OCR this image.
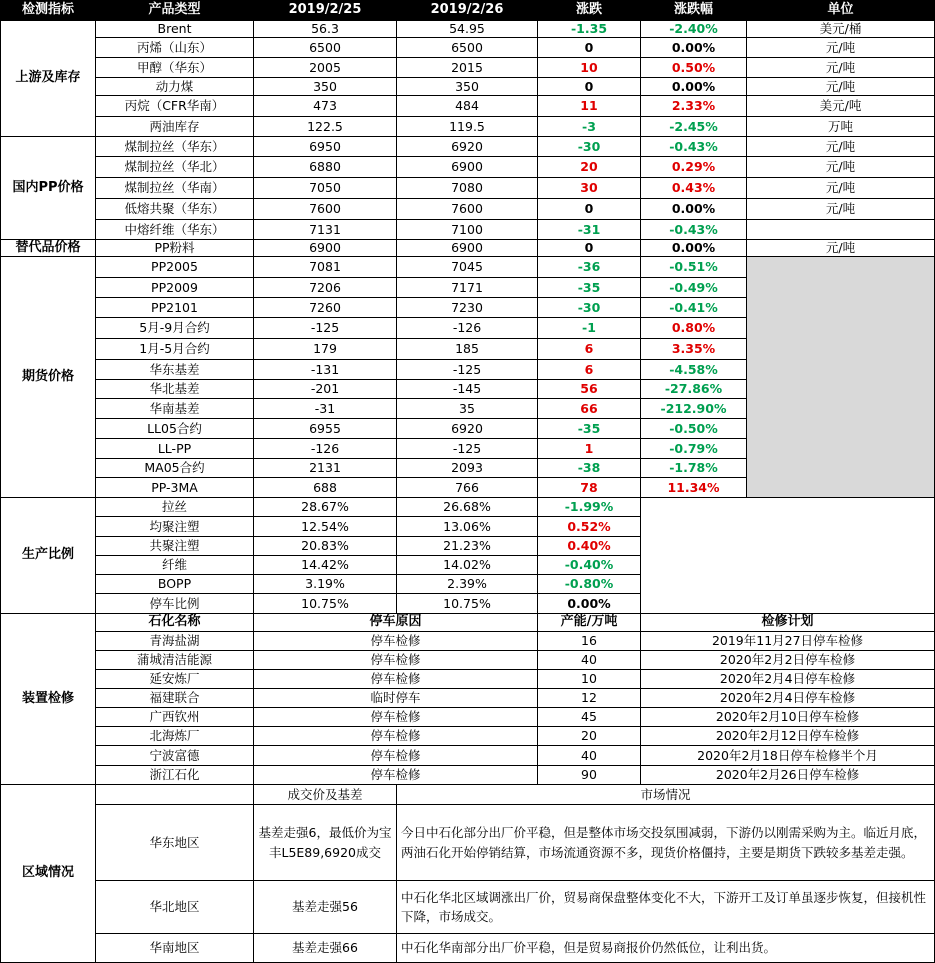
检测指标	产品类型	2019/2/25	2019/2/26	涨跌	涨跌幅	单位
上游及库存	Brent	56.3	54.95	-1.35	-2.40%	美元/桶
	丙烯（山东）	6500	6500	0	0.00%	元/吨
	甲醇（华东）	2005	2015	10	0.50%	元/吨
	动力煤	350	350	0	0.00%	元/吨
	丙烷（CFR华南）	473	484	11	2.33%	美元/吨
	两油库存	122.5	119.5	-3	-2.45%	万吨
国内PP价格	煤制拉丝（华东）	6950	6920	-30	-0.43%	元/吨
	煤制拉丝（华北）	6880	6900	20	0.29%	元/吨
	煤制拉丝（华南）	7050	7080	30	0.43%	元/吨
	低熔共聚（华东）	7600	7600	0	0.00%	元/吨
	中熔纤维（华东）	7131	7100	-31	-0.43%	
替代品价格	PP粉料	6900	6900	0	0.00%	元/吨
期货价格	PP2005	7081	7045	-36	-0.51%	
	PP2009	7206	7171	-35	-0.49%	
	PP2101	7260	7230	-30	-0.41%	
	5月-9月合约	-125	-126	-1	0.80%	
	1月-5月合约	179	185	6	3.35%	
	华东基差	-131	-125	6	-4.58%	
	华北基差	-201	-145	56	-27.86%	
	华南基差	-31	35	66	-212.90%	
	LL05合约	6955	6920	-35	-0.50%	
	LL-PP	-126	-125	1	-0.79%	
	MA05合约	2131	2093	-38	-1.78%	
	PP-3MA	688	766	78	11.34%	
生产比例	拉丝	28.67%	26.68%	-1.99%		
	均聚注塑	12.54%	13.06%	0.52%		
	共聚注塑	20.83%	21.23%	0.40%		
	纤维	14.42%	14.02%	-0.40%		
	BOPP	3.19%	2.39%	-0.80%		
	停车比例	10.75%	10.75%	0.00%		
装置检修	石化名称	停车原因		产能/万吨	检修计划	
	青海盐湖	停车检修		16	2019年11月27日停车检修	
	蒲城清洁能源	停车检修		40	2020年2月2日停车检修	
	延安炼厂	停车检修		10	2020年2月4日停车检修	
	福建联合	临时停车		12	2020年2月4日停车检修	
	广西钦州	停车检修		45	2020年2月10日停车检修	
	北海炼厂	停车检修		20	2020年2月12日停车检修	
	宁波富德	停车检修		40	2020年2月18日停车检修半个月	
	浙江石化	停车检修		90	2020年2月26日停车检修	
区域情况		成交价及基差	市场情况			
	华东地区	基差走强6，最低价为宝丰L5E89,6920成交	今日中石化部分出厂价平稳，但是整体市场交投氛围减弱，下游仍以刚需采购为主。临近月底，两油石化开始停销结算，市场流通资源不多，现货价格僵持，主要是期货下跌较多基差走强。			
	华北地区	基差走强56	中石化华北区域调涨出厂价，贸易商保盘整体变化不大，下游开工及订单虽逐步恢复，但接机性下降，市场成交。			
	华南地区	基差走强66	中石化华南部分出厂价平稳，但是贸易商报价仍然低位，让利出货。			
